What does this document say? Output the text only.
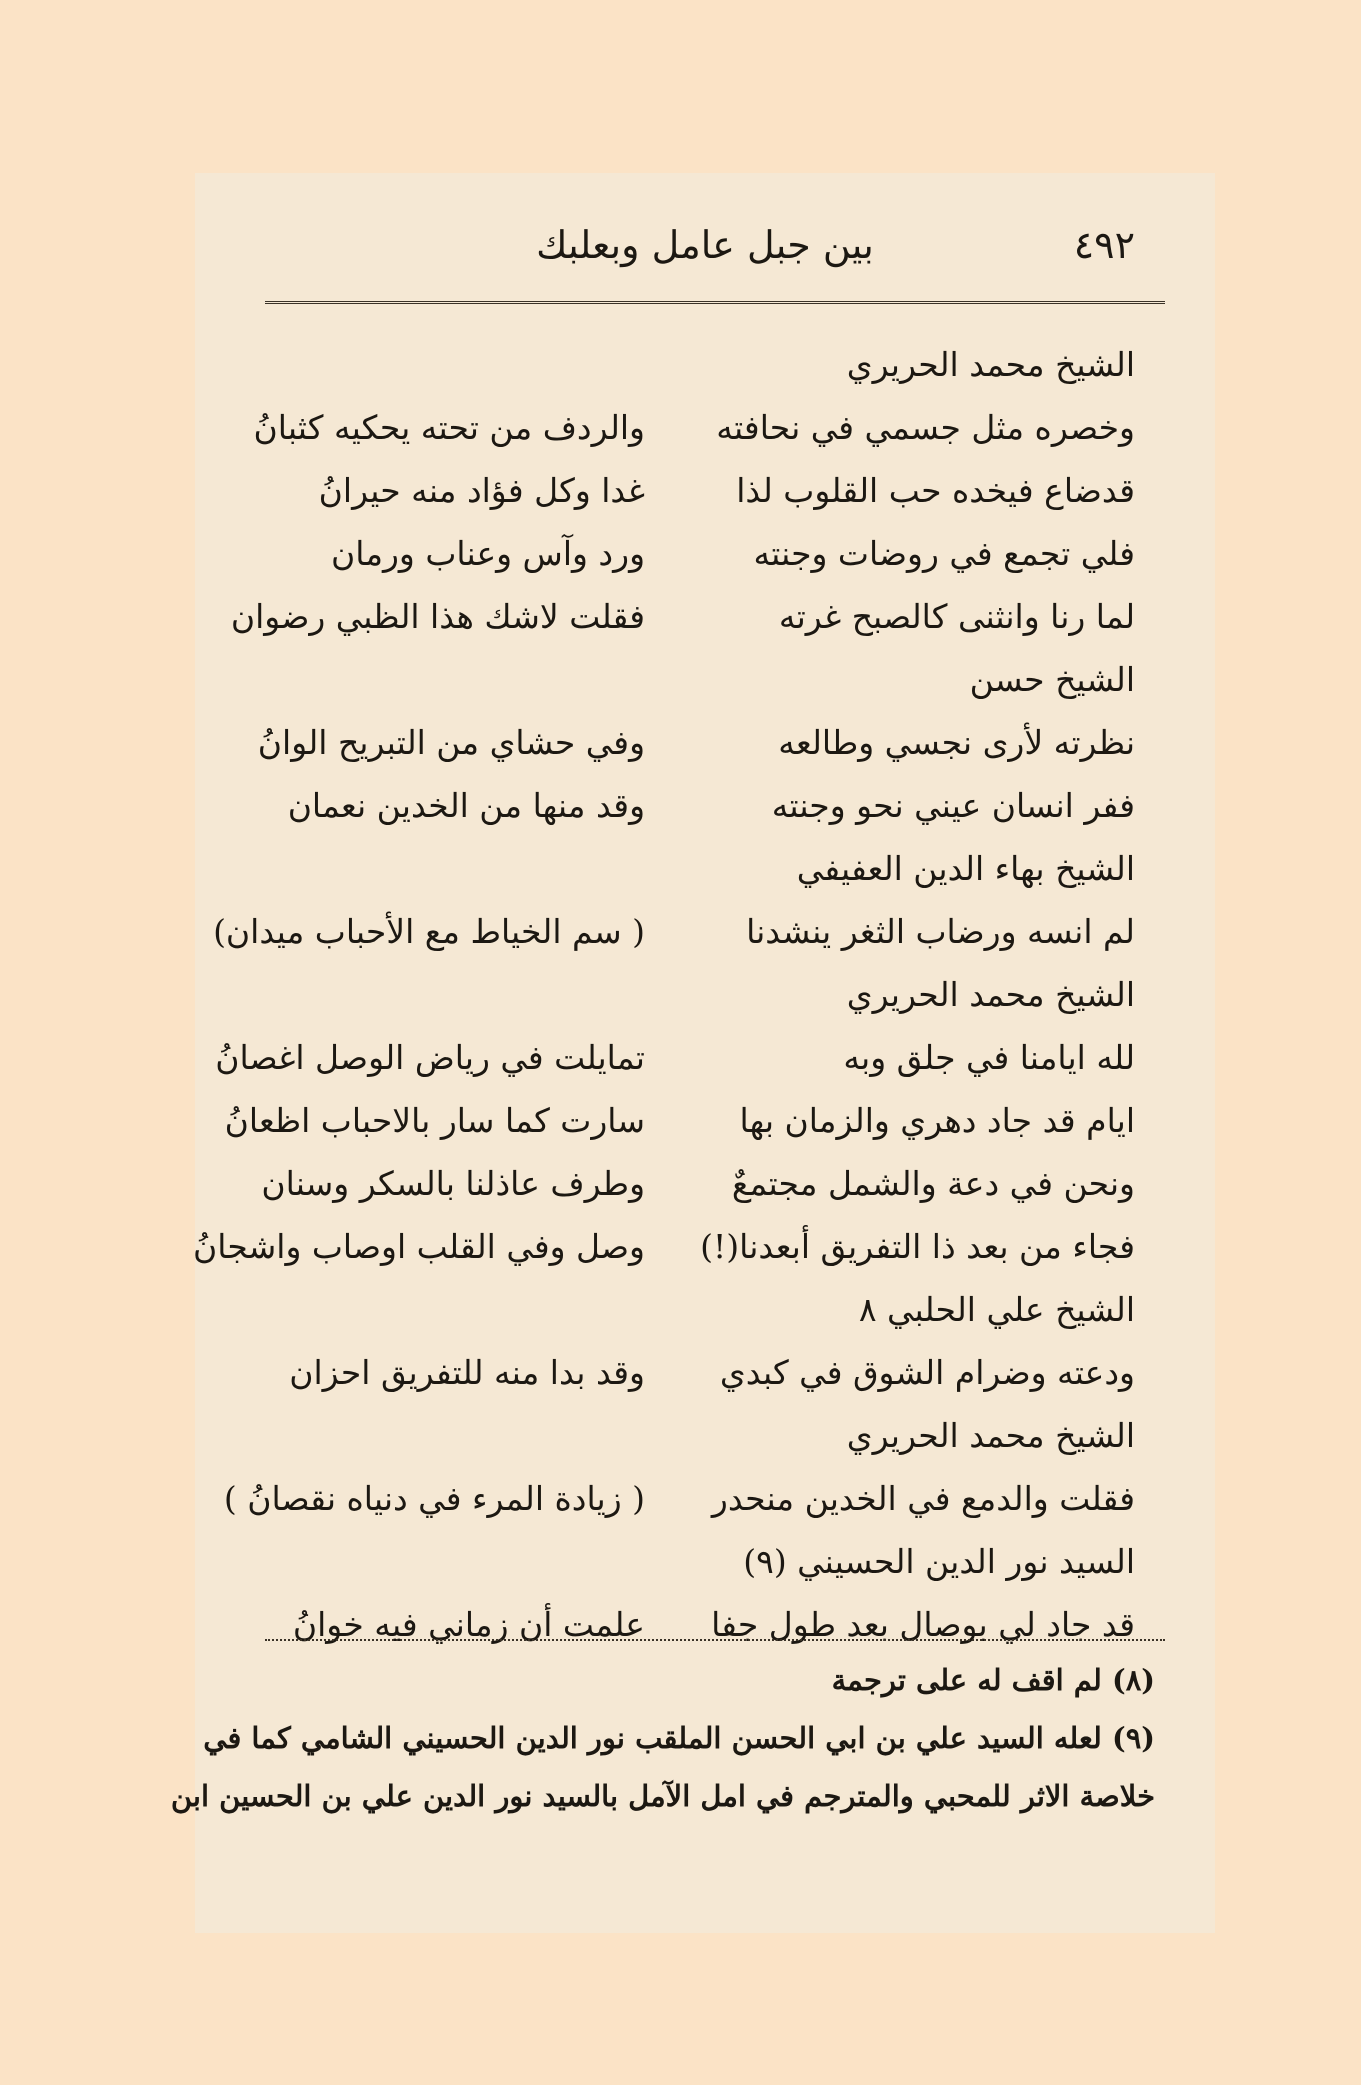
٤٩٢
بين جبل عامل وبعلبك
الشيخ محمد الحريري
وخصره مثل جسمي في نحافته
والردف من تحته يحكيه كثبانُ
قدضاع فيخده حب القلوب لذا
غدا وكل فؤاد منه حيرانُ
فلي تجمع في روضات وجنته
ورد وآس وعناب ورمان
لما رنا وانثنى كالصبح غرته
فقلت لاشك هذا الظبي رضوان
الشيخ حسن
نظرته لأرى نجسي وطالعه
وفي حشاي من التبريح الوانُ
ففر انسان عيني نحو وجنته
وقد منها من الخدين نعمان
الشيخ بهاء الدين العفيفي
لم انسه ورضاب الثغر ينشدنا
( سم الخياط مع الأحباب ميدان)
الشيخ محمد الحريري
لله ايامنا في جلق وبه
تمايلت في رياض الوصل اغصانُ
ايام قد جاد دهري والزمان بها
سارت كما سار بالاحباب اظعانُ
ونحن في دعة والشمل مجتمعٌ
وطرف عاذلنا بالسكر وسنان
فجاء من بعد ذا التفريق أبعدنا(!)
وصل وفي القلب اوصاب واشجانُ
الشيخ علي الحلبي ٨
ودعته وضرام الشوق في كبدي
وقد بدا منه للتفريق احزان
الشيخ محمد الحريري
فقلت والدمع في الخدين منحدر
( زيادة المرء في دنياه نقصانُ )
السيد نور الدين الحسيني (٩)
قد جاد لي بوصال بعد طول جفا
علمت أن زماني فيه خوانُ
(٨) لم اقف له على ترجمة
(٩) لعله السيد علي بن ابي الحسن الملقب نور الدين الحسيني الشامي كما في
خلاصة الاثر للمحبي والمترجم في امل الآمل بالسيد نور الدين علي بن الحسين ابن
